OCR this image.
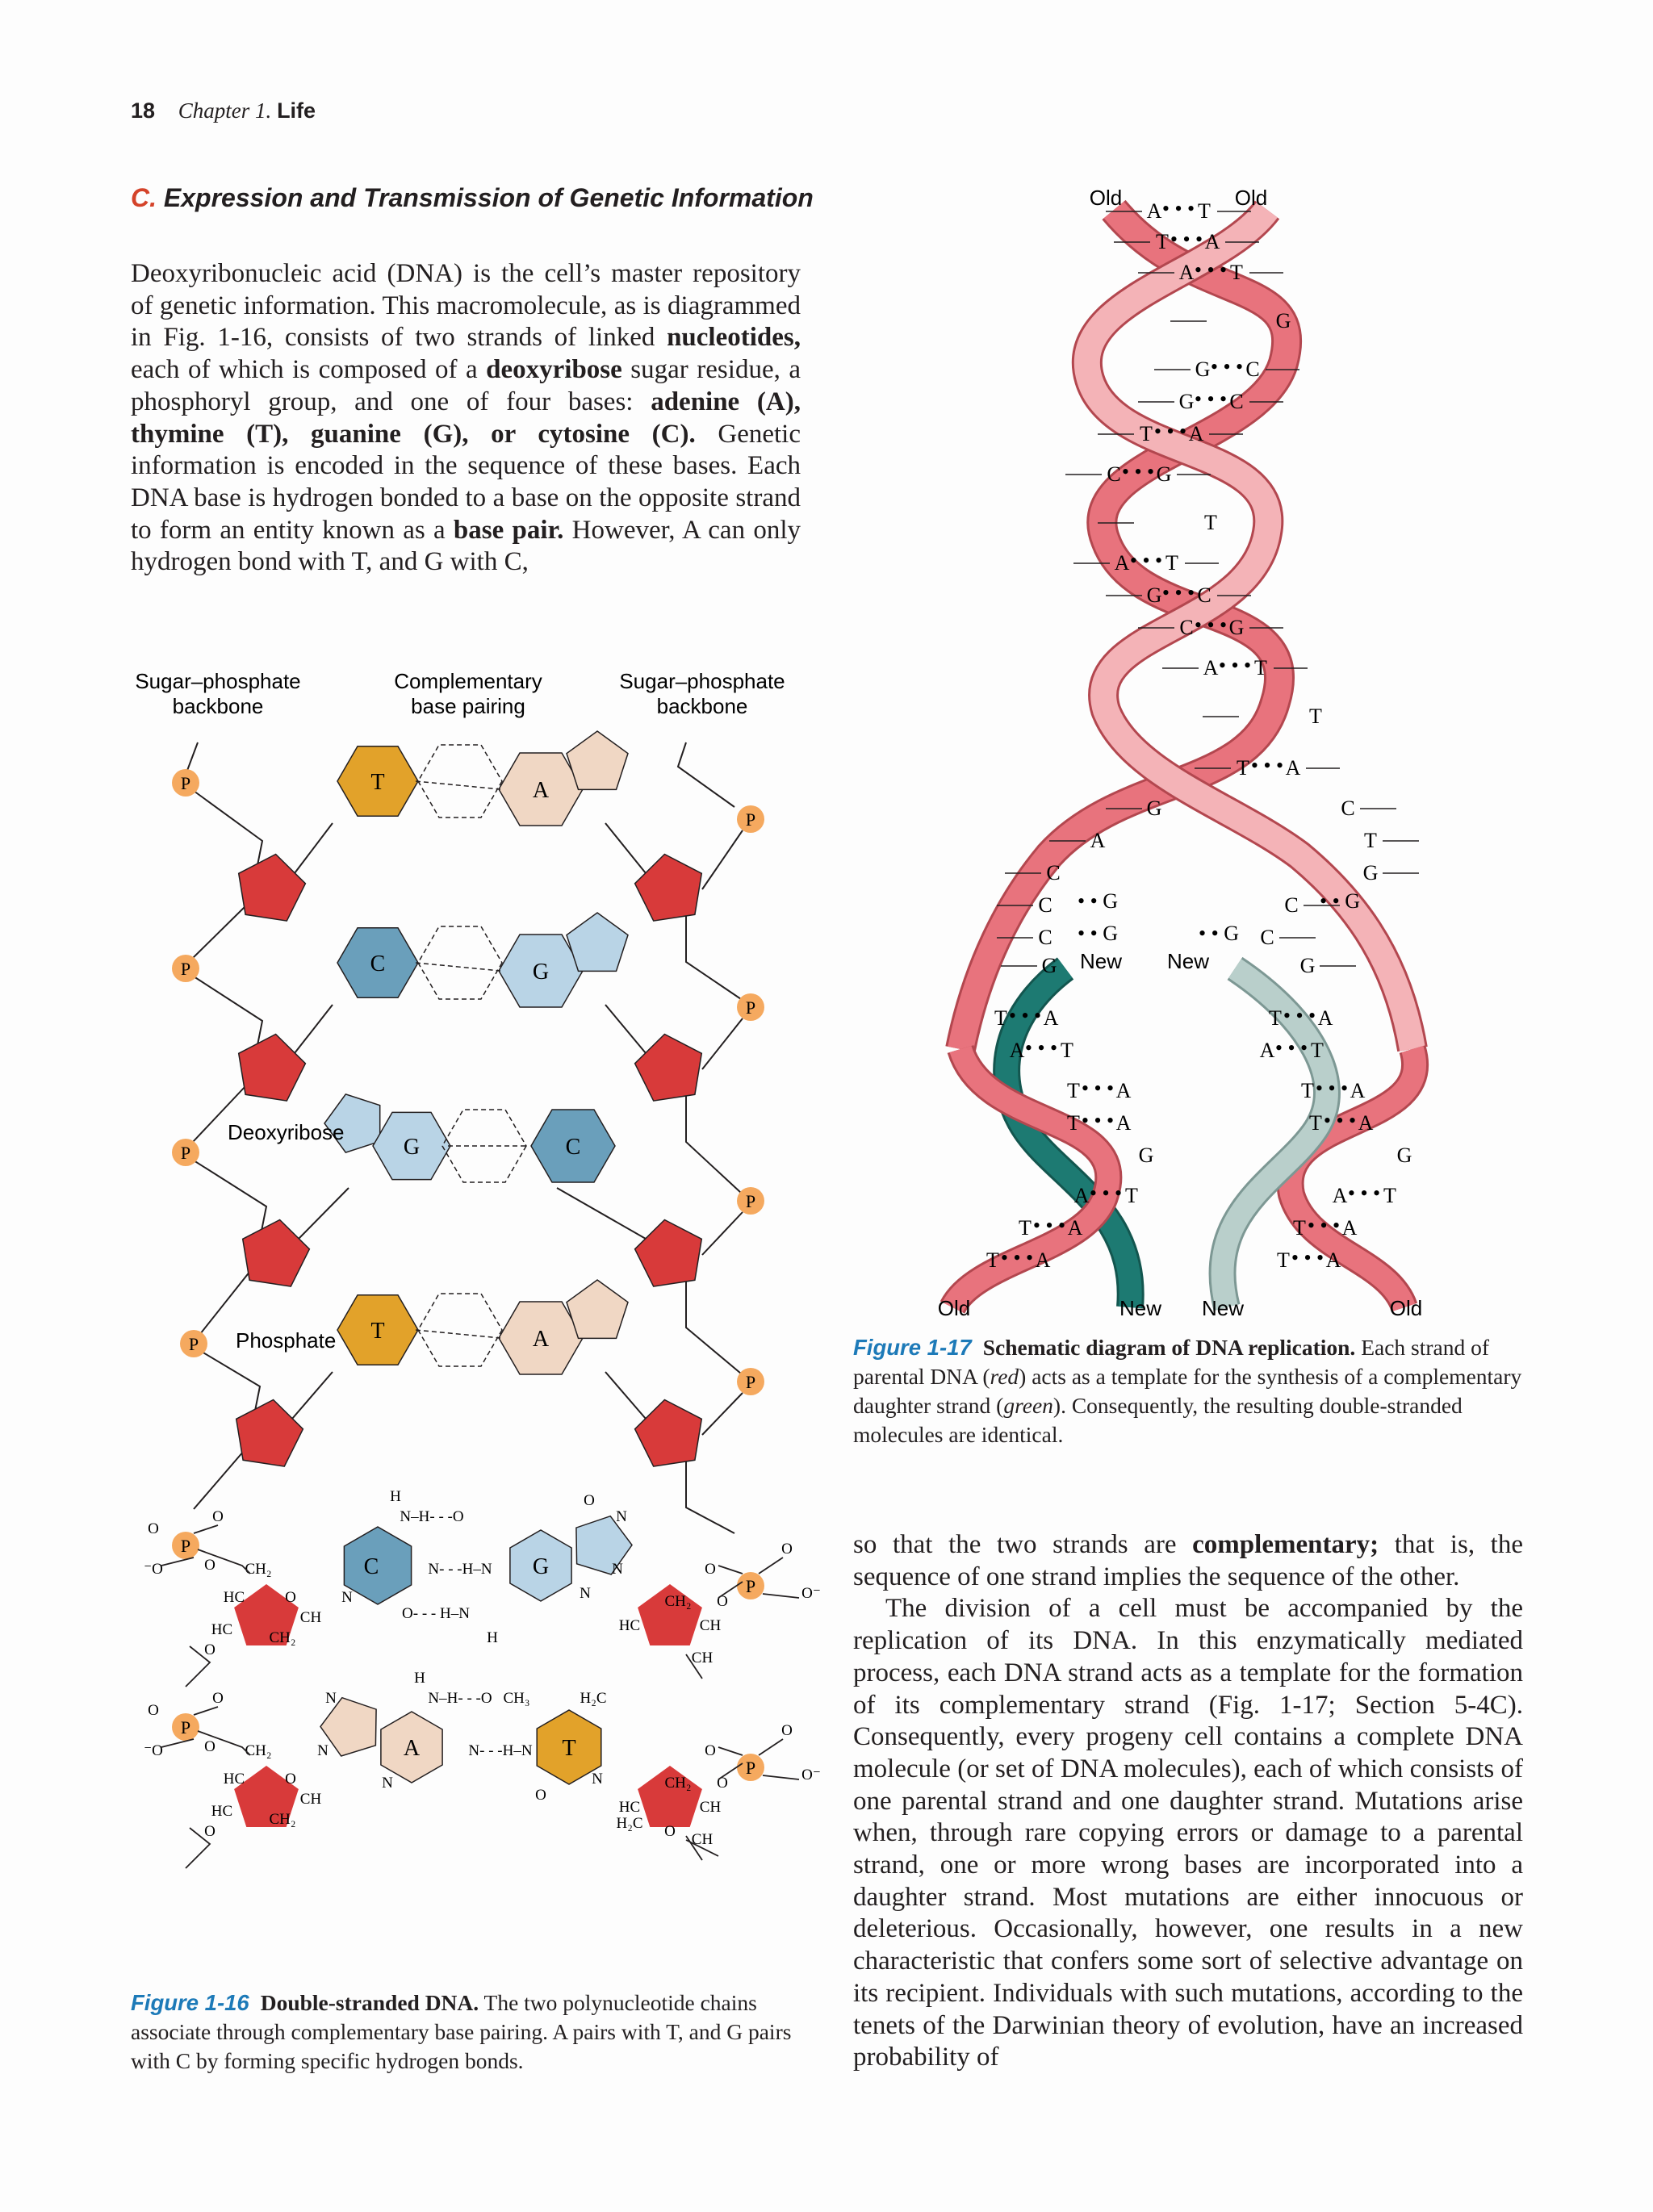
18 Chapter 1. Life
C. Expression and Transmission of Genetic Information
Deoxyribonucleic acid (DNA) is the cell’s master repository of genetic information. This macromolecule, as is diagrammed in Fig. 1-16, consists of two strands of linked nucleotides, each of which is composed of a deoxyribose sugar residue, a phosphoryl group, and one of four bases: adenine (A), thymine (T), guanine (G), or cytosine (C). Genetic information is encoded in the sequence of these bases. Each DNA base is hydrogen bonded to a base on the opposite strand to form an entity known as a base pair. However, A can only hydrogen bond with T, and G with C,
Sugar–phosphate
backbone
Complementary
base pairing
Sugar–phosphate
backbone
P
P
P
P
P
P
P
P
T	A
C	G
G	C
T	A
P
P
O
O
⁻O	O CH₂
HC	O
HC
CH
CH₂
O
O
O⁻
O
O
CH₂
HC	CH
CH
C	G
H
N–H- - -O
N- - -H–N
O- - - H–N
H
O
N
N
N
N
P
P
O
O
⁻O	O CH₂
HC	O
HC
CH
CH₂
O
O
O⁻
O
O
CH₂
HC	CH
CH
A	T
H
N–H- - -O
N- - -H–N
CH₃	H₂C
O
N
N
N
N
H₂C O
Deoxyribose
Phosphate
Figure 1-16 Double-stranded DNA. The two polynucleotide chains associate through complementary base pairing. A pairs with T, and G pairs with C by forming specific hydrogen bonds.
A • • • T
T • • • A
A • • • T
G
G • • • C
G • • • C
T • • • A
C • • • G
T
A • • • T
G • • • C
C • • • G
A • • • T
T
T • • • A
G
A
C
C
C
G
C
T
G
C
C
G
• • G
• • G
• • G
• • G
T • • • A
A • • • T
T • • • A
T • • • A
G
A • • • T
T • • • A
T • • • A
T • • • A
A • • • T
T • • • A
T • • • A
G
A • • • T
T • • • A
T • • • A
Old	Old
New New
Old	New New	Old
Figure 1-17 Schematic diagram of DNA replication. Each strand of parental DNA (red) acts as a template for the synthesis of a complementary daughter strand (green). Consequently, the resulting double-stranded molecules are identical.

so that the two strands are complementary; that is, the sequence of one strand implies the sequence of the other.

The division of a cell must be accompanied by the replication of its DNA. In this enzymatically mediated process, each DNA strand acts as a template for the formation of its complementary strand (Fig. 1-17; Section 5-4C). Consequently, every progeny cell contains a complete DNA molecule (or set of DNA molecules), each of which consists of one parental strand and one daughter strand. Mutations arise when, through rare copying errors or damage to a parental strand, one or more wrong bases are incorporated into a daughter strand. Most mutations are either innocuous or deleterious. Occasionally, however, one results in a new characteristic that confers some sort of selective advantage on its recipient. Individuals with such mutations, according to the tenets of the Darwinian theory of evolution, have an increased probability of
